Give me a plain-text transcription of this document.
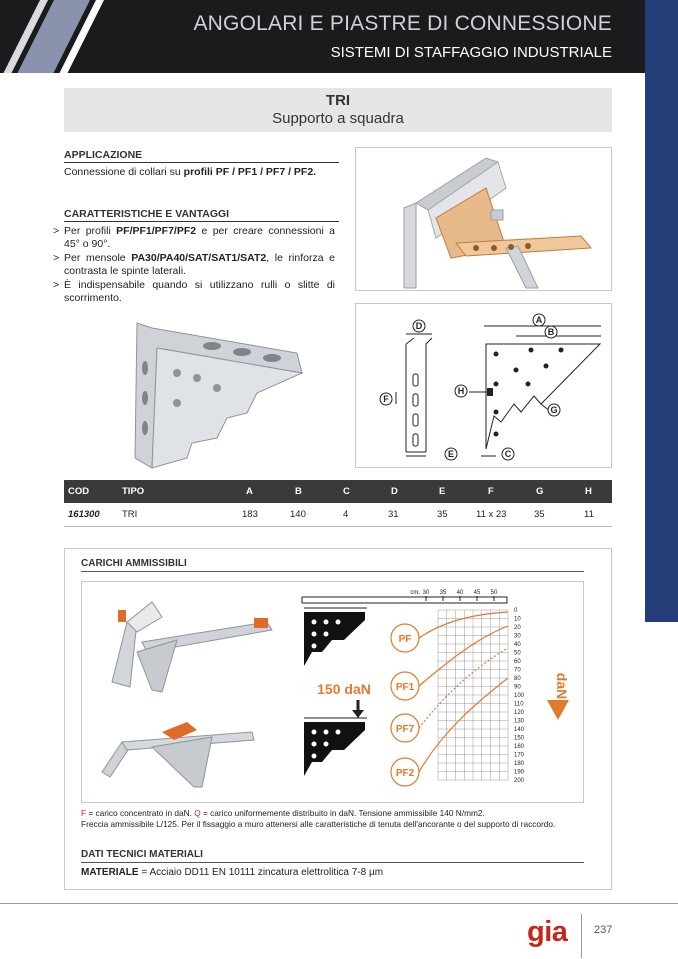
ANGOLARI E PIASTRE DI CONNESSIONE
SISTEMI DI STAFFAGGIO INDUSTRIALE
TRI
Supporto a squadra
APPLICAZIONE
Connessione di collari su profili PF / PF1 / PF7 / PF2.
CARATTERISTICHE E VANTAGGI
> Per profili PF/PF1/PF7/PF2 e per creare connessioni a 45° o 90°.
> Per mensole PA30/PA40/SAT/SAT1/SAT2, le rinforza e contrasta le spinte laterali.
> È indispensabile quando si utilizzano rulli o slitte di scorrimento.
D
F
E
A
B
H
G
C
COD	TIPO	A	B	C	D	E	F	G	H
161300 TRI	183	140	4	31	35	11 x 23	35	11
CARICHI AMMISSIBILI
150 daN
cm. 30 35 40 45 50
0
10
20
30
40
50
60
70
80
90
100
110
120
130
140
150
160
170
180
190
200
PF
PF1
PF7
PF2
daN
F = carico concentrato in daN. Q = carico uniformemente distribuito in daN. Tensione ammissibile 140 N/mm2.
Freccia ammissibile L/125. Per il fissaggio a muro attenersi alle caratteristiche di tenuta dell'ancorante o del supporto di raccordo.
DATI TECNICI MATERIALI
MATERIALE = Acciaio DD11 EN 10111 zincatura elettrolitica 7-8 µm
gia 237
